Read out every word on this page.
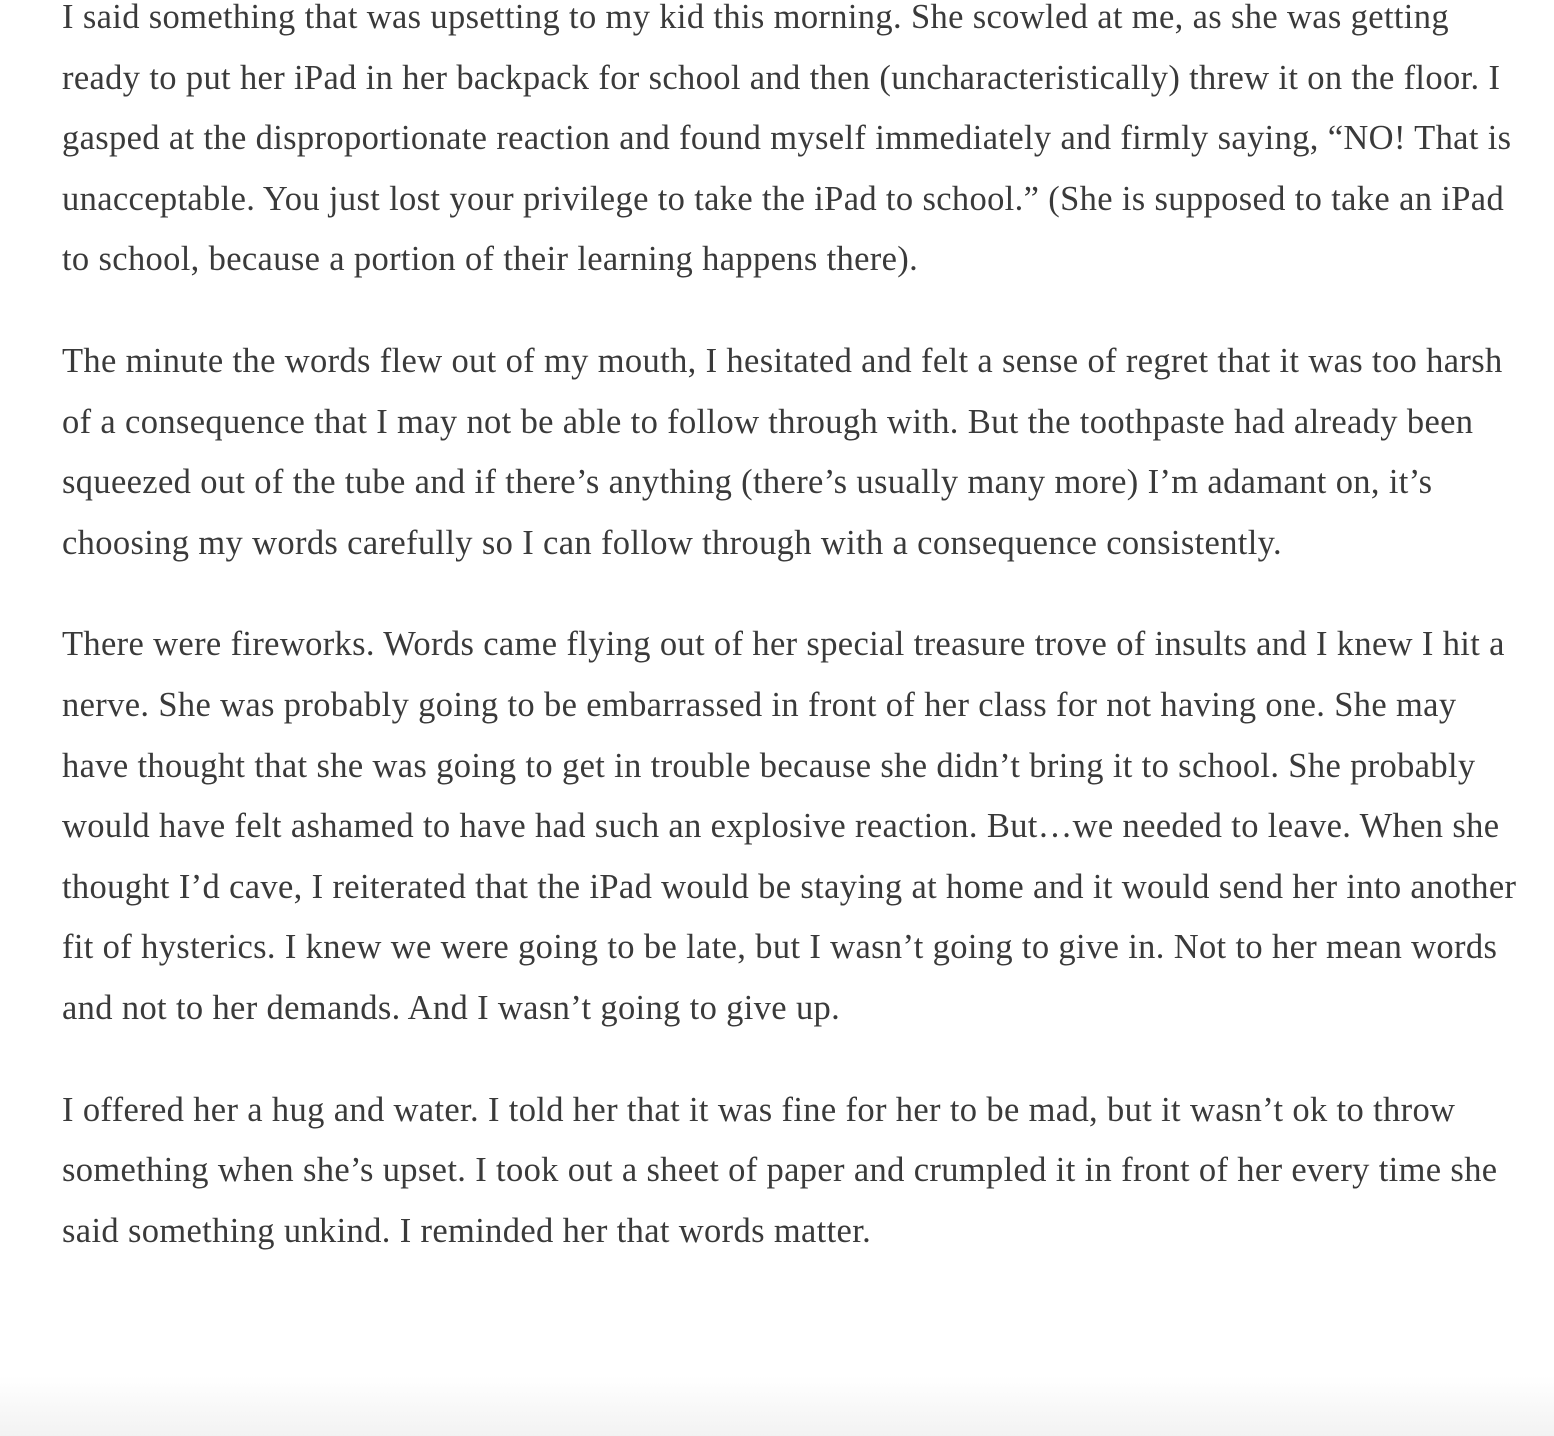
I said something that was upsetting to my kid this morning. She scowled at me, as she was getting ready to put her iPad in her backpack for school and then (uncharacteristically) threw it on the floor. I gasped at the disproportionate reaction and found myself immediately and firmly saying, “NO! That is unacceptable. You just lost your privilege to take the iPad to school.” (She is supposed to take an iPad to school, because a portion of their learning happens there).

The minute the words flew out of my mouth, I hesitated and felt a sense of regret that it was too harsh of a consequence that I may not be able to follow through with. But the toothpaste had already been squeezed out of the tube and if there’s anything (there’s usually many more) I’m adamant on, it’s choosing my words carefully so I can follow through with a consequence consistently.

There were fireworks. Words came flying out of her special treasure trove of insults and I knew I hit a nerve. She was probably going to be embarrassed in front of her class for not having one. She may have thought that she was going to get in trouble because she didn’t bring it to school. She probably would have felt ashamed to have had such an explosive reaction. But…we needed to leave. When she thought I’d cave, I reiterated that the iPad would be staying at home and it would send her into another fit of hysterics. I knew we were going to be late, but I wasn’t going to give in. Not to her mean words and not to her demands. And I wasn’t going to give up.

I offered her a hug and water. I told her that it was fine for her to be mad, but it wasn’t ok to throw something when she’s upset. I took out a sheet of paper and crumpled it in front of her every time she said something unkind. I reminded her that words matter.
